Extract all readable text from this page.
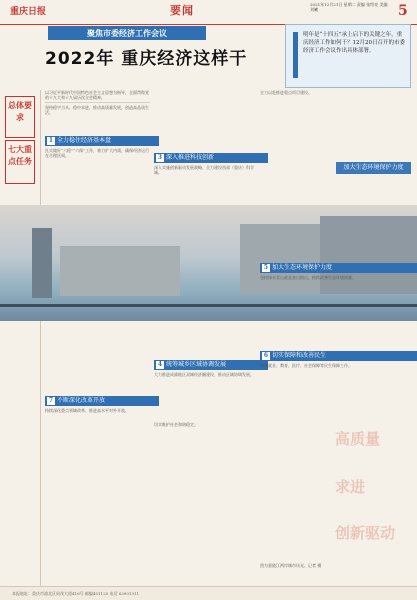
重庆日报	要闻	2021年12月21日 星期二 责编 张绍亮 美编 刘曦	5
聚焦市委经济工作会议
2022年 重庆经济这样干
明年是“十四五”承上启下的关键之年，重庆经济工作如何干？12月20日召开的市委经济工作会议作出具体部署。
总体要求
七大重点任务

以习近平新时代中国特色社会主义思想为指导，全面贯彻党的十九大和十九届历次全会精神。

坚持稳字当头、稳中求进，推动高质量发展，创造高品质生活。

1 全力稳住经济基本盘

扎实做好“六稳”“六保”工作，着力扩大内需，确保经济运行在合理区间。	3 深入推进科技创新

深入实施创新驱动发展战略，全力建设西部（重庆）科学城。

4 统筹城乡区域协调发展

大力推进成渝地区双城经济圈建设，推动区域协调发展。

全力以赴推进重点项目建设。

加大生态环境保护力度
5 加大生态环境保护力度

坚持绿水青山就是金山银山，持续改善生态环境质量。

6 切实保障和改善民生

加强就业、教育、医疗、社会保障等民生保障工作。

7 不断深化改革开放

持续深化重点领域改革，推进高水平对外开放。

切实维护社会和谐稳定。

高质量
求进
创新驱动
图为嘉陵江两岸城市风光。记者 摄
本报地址：重庆市渝北区同茂大道416号 邮编401120 电话 63901311
